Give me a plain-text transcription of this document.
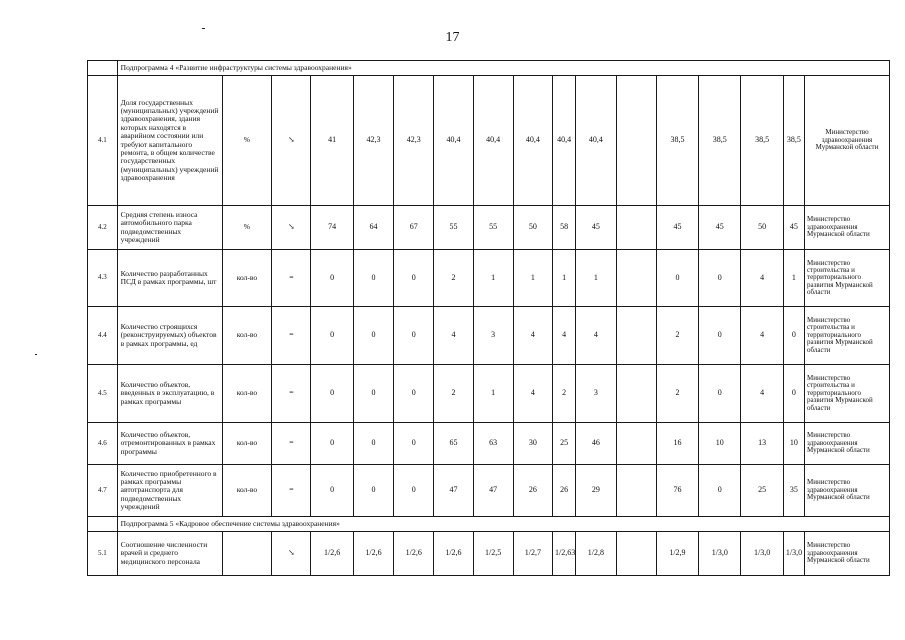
17
	Подпрограмма 4 «Развитие инфраструктуры системы здравоохранения»																
4.1	Доля государственных (муниципальных) учреждений здравоохранения, здания которых находятся в аварийном состоянии или требуют капитального ремонта, в общем количестве государственных (муниципальных) учреждений здравоохранения	%	↘	41	42,3	42,3	40,4	40,4	40,4	40,4	40,4		38,5	38,5	38,5	38,5	Министерство здравоохранения Мурманской области
4.2	Средняя степень износа автомобильного парка подведомственных учреждений	%	↘	74	64	67	55	55	50	58	45		45	45	50	45	Министерство здравоохранения Мурманской области
4.3	Количество разработанных ПСД в рамках программы, шт	кол-во	=	0	0	0	2	1	1	1	1		0	0	4	1	Министерство строительства и территориального развития Мурманской области
4.4	Количество строящихся (реконструируемых) объектов в рамках программы, ед	кол-во	=	0	0	0	4	3	4	4	4		2	0	4	0	Министерство строительства и территориального развития Мурманской области
4.5	Количество объектов, введенных в эксплуатацию, в рамках программы	кол-во	=	0	0	0	2	1	4	2	3		2	0	4	0	Министерство строительства и территориального развития Мурманской области
4.6	Количество объектов, отремонтированных в рамках программы	кол-во	=	0	0	0	65	63	30	25	46		16	10	13	10	Министерство здравоохранения Мурманской области
4.7	Количество приобретенного в рамках программы автотранспорта для подведомственных учреждений	кол-во	=	0	0	0	47	47	26	26	29		76	0	25	35	Министерство здравоохранения Мурманской области
	Подпрограмма 5 «Кадровое обеспечение системы здравоохранения»																
5.1	Соотношение численности врачей и среднего медицинского персонала		↘	1/2,6	1/2,6	1/2,6	1/2,6	1/2,5	1/2,7	1/2,63	1/2,8		1/2,9	1/3,0	1/3,0	1/3,0	Министерство здравоохранения Мурманской области
